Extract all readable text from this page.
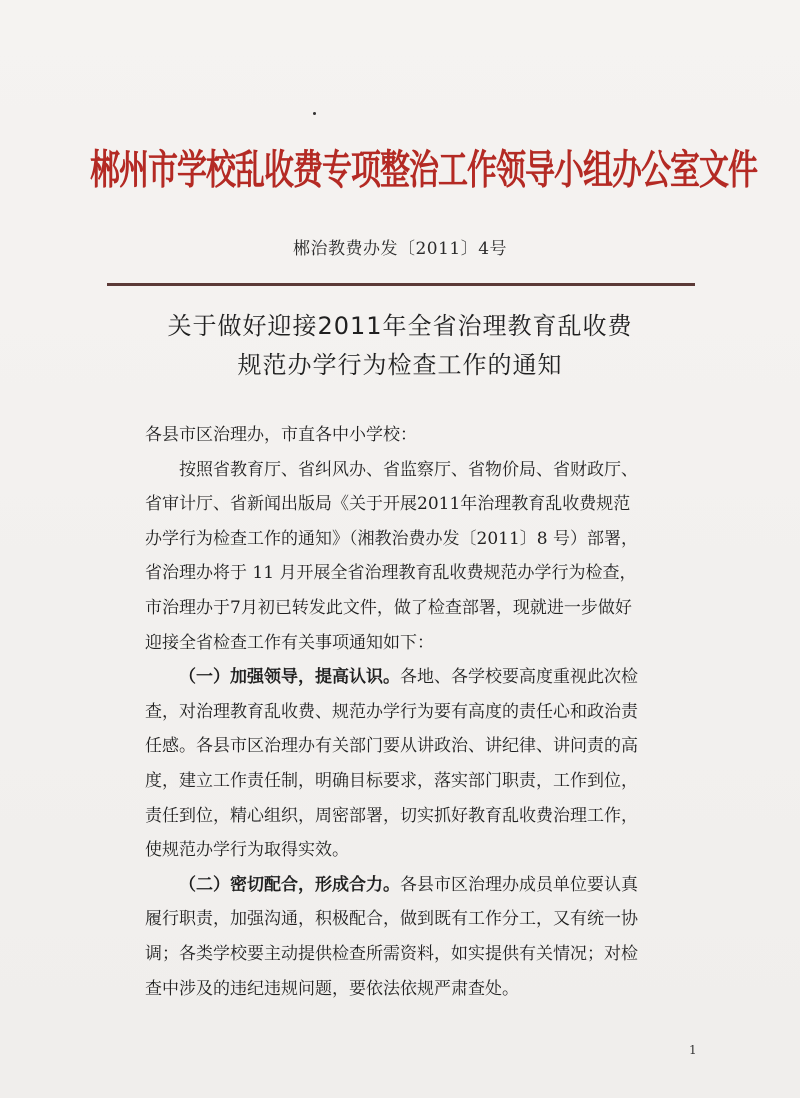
郴州市学校乱收费专项整治工作领导小组办公室文件
郴治教费办发〔2011〕4号
关于做好迎接2011年全省治理教育乱收费
规范办学行为检查工作的通知
各县市区治理办，市直各中小学校：
按照省教育厅、省纠风办、省监察厅、省物价局、省财政厅、
省审计厅、省新闻出版局《关于开展2011年治理教育乱收费规范
办学行为检查工作的通知》（湘教治费办发〔2011〕8 号）部署，
省治理办将于 11 月开展全省治理教育乱收费规范办学行为检查，
市治理办于7月初已转发此文件，做了检查部署，现就进一步做好
迎接全省检查工作有关事项通知如下：
（一）加强领导，提高认识。各地、各学校要高度重视此次检
查，对治理教育乱收费、规范办学行为要有高度的责任心和政治责
任感。各县市区治理办有关部门要从讲政治、讲纪律、讲问责的高
度，建立工作责任制，明确目标要求，落实部门职责，工作到位，
责任到位，精心组织，周密部署，切实抓好教育乱收费治理工作，
使规范办学行为取得实效。
（二）密切配合，形成合力。各县市区治理办成员单位要认真
履行职责，加强沟通，积极配合，做到既有工作分工，又有统一协
调；各类学校要主动提供检查所需资料，如实提供有关情况；对检
查中涉及的违纪违规问题，要依法依规严肃查处。
1
